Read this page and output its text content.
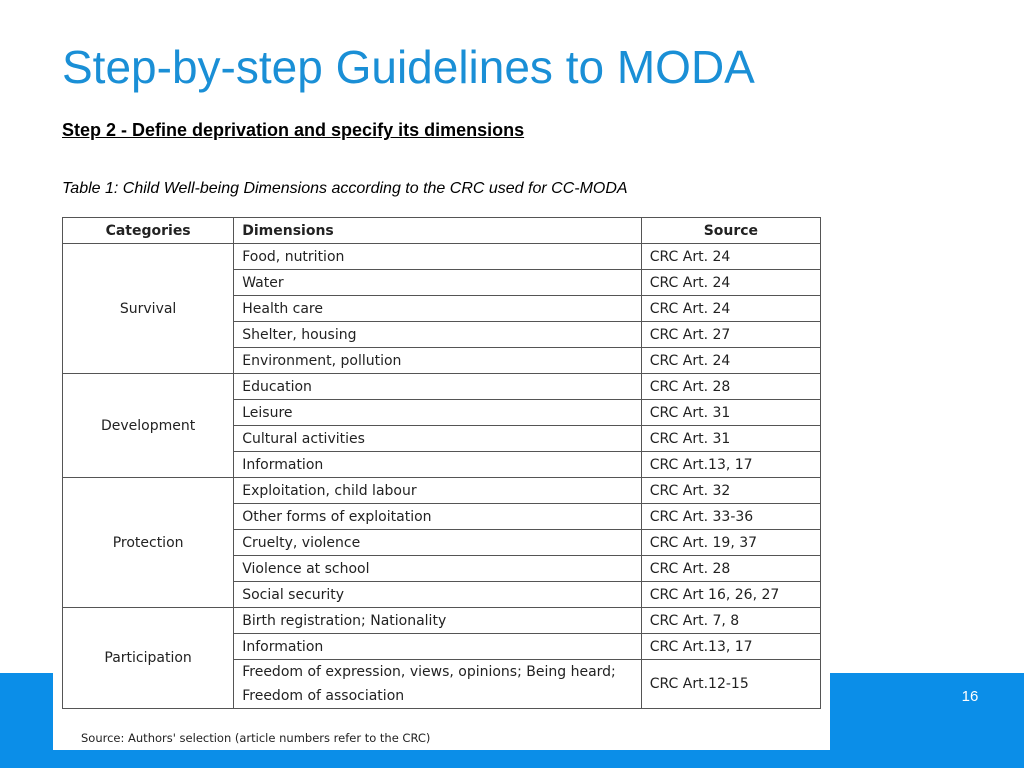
Step-by-step Guidelines to MODA
Step 2 - Define deprivation and specify its dimensions
Table 1: Child Well-being Dimensions according to the CRC used for CC-MODA
16
Categories	Dimensions	Source
Survival	Food, nutrition	CRC Art. 24
	Water	CRC Art. 24
	Health care	CRC Art. 24
	Shelter, housing	CRC Art. 27
	Environment, pollution	CRC Art. 24
Development	Education	CRC Art. 28
	Leisure	CRC Art. 31
	Cultural activities	CRC Art. 31
	Information	CRC Art.13, 17
Protection	Exploitation, child labour	CRC Art. 32
	Other forms of exploitation	CRC Art. 33-36
	Cruelty, violence	CRC Art. 19, 37
	Violence at school	CRC Art. 28
	Social security	CRC Art 16, 26, 27
Participation	Birth registration; Nationality	CRC Art. 7, 8
	Information	CRC Art.13, 17
	Freedom of expression, views, opinions; Being heard; Freedom of association	CRC Art.12-15
Source: Authors' selection (article numbers refer to the CRC)
